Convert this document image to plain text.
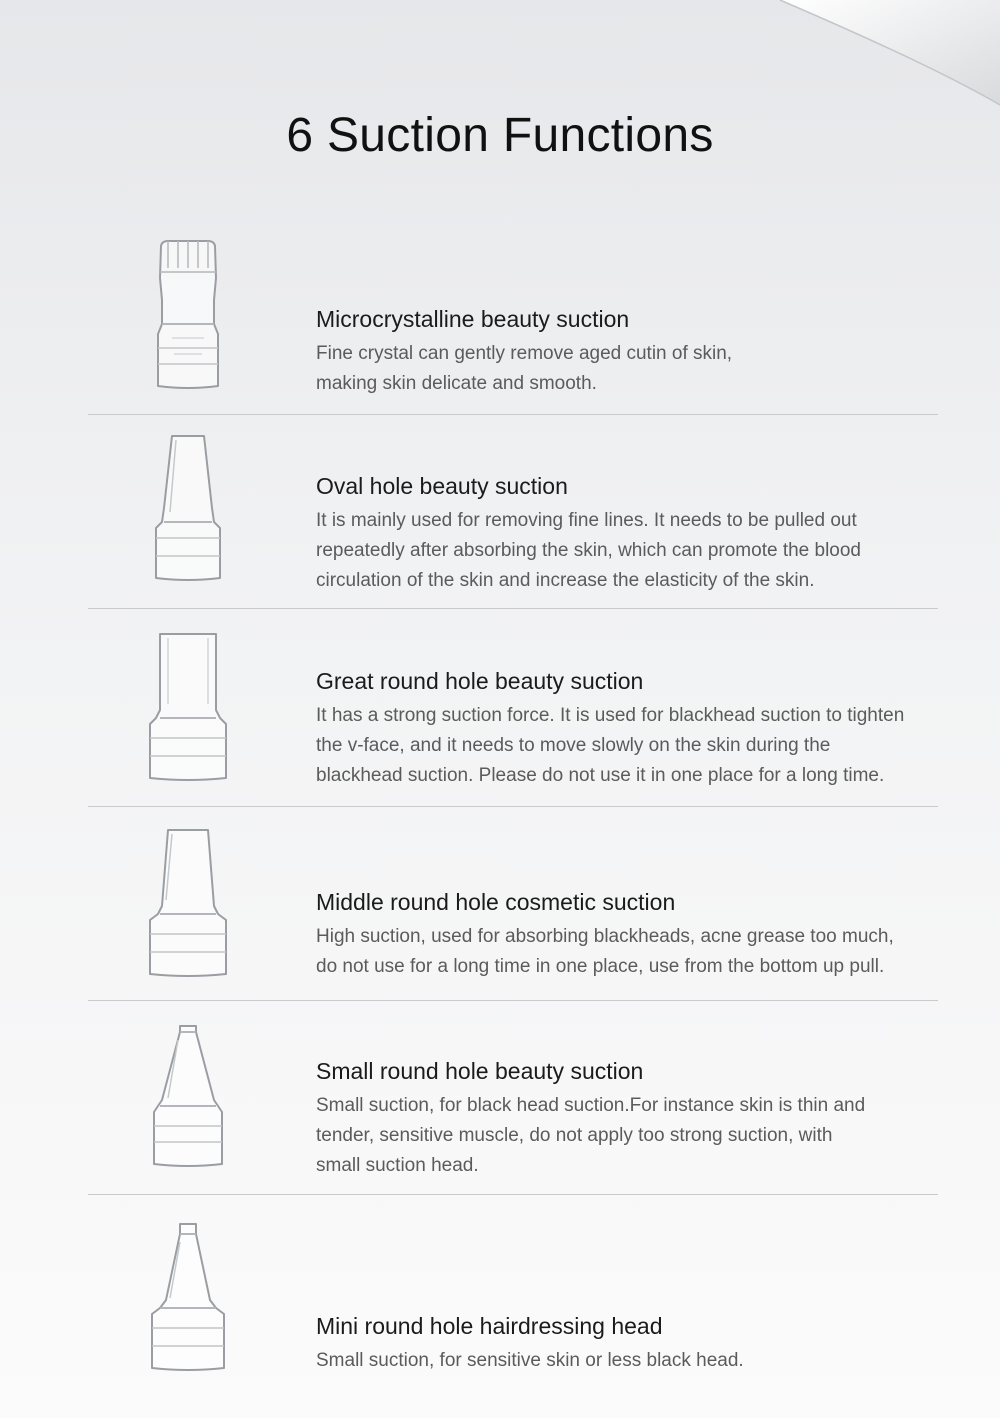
6 Suction Functions

Microcrystalline beauty suction

Fine crystal can gently remove aged cutin of skin,
making skin delicate and smooth.

Oval hole beauty suction

It is mainly used for removing fine lines. It needs to be pulled out
repeatedly after absorbing the skin, which can promote the blood
circulation of the skin and increase the elasticity of the skin.

Great round hole beauty suction

It has a strong suction force. It is used for blackhead suction to tighten
the v-face, and it needs to move slowly on the skin during the
blackhead suction. Please do not use it in one place for a long time.

Middle round hole cosmetic suction

High suction, used for absorbing blackheads, acne grease too much,
do not use for a long time in one place, use from the bottom up pull.

Small round hole beauty suction

Small suction, for black head suction.For instance skin is thin and
tender, sensitive muscle, do not apply too strong suction, with
small suction head.

Mini round hole hairdressing head

Small suction, for sensitive skin or less black head.
